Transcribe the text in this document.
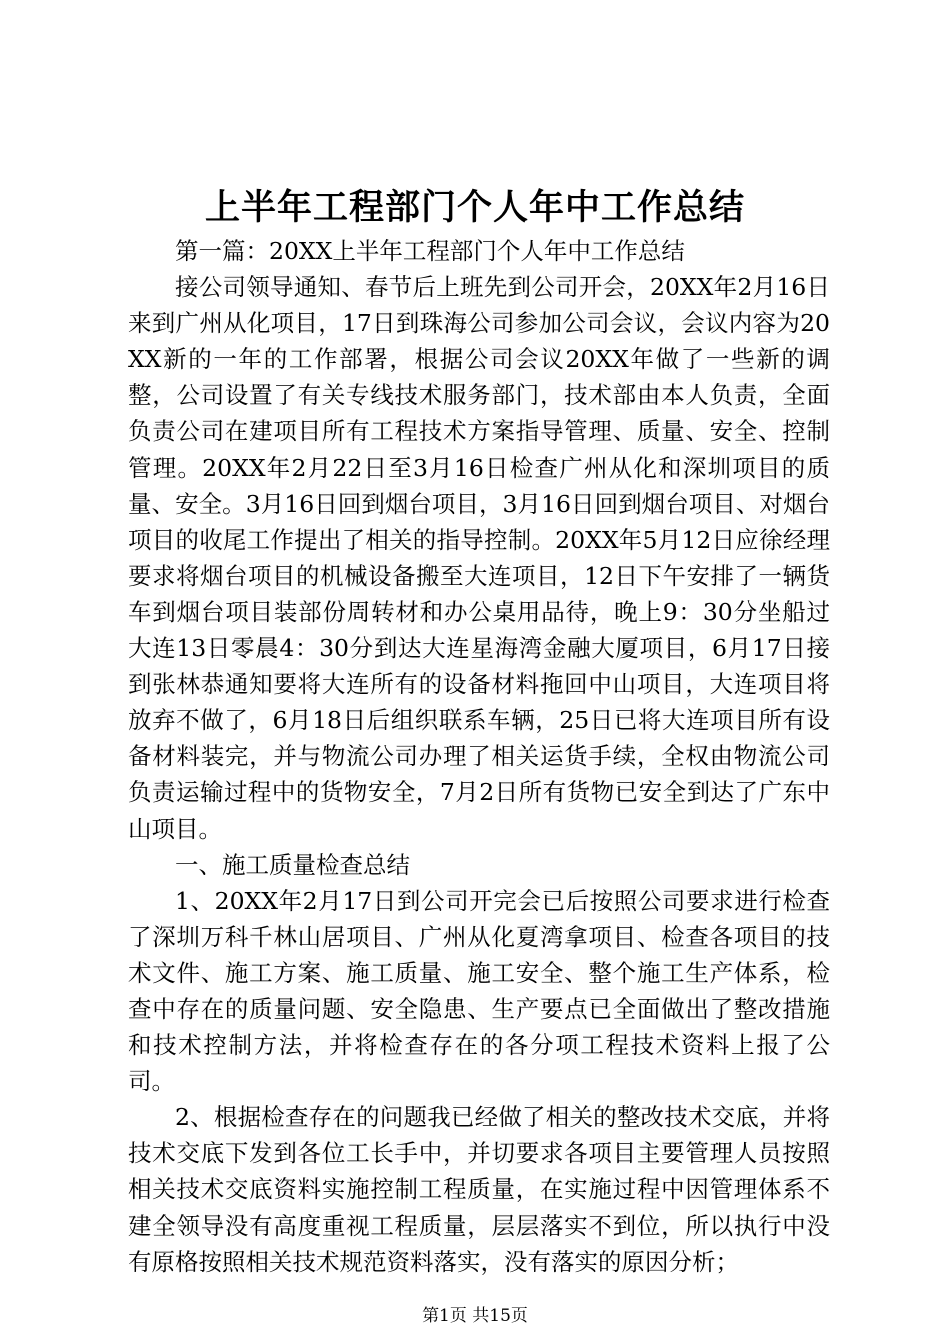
上半年工程部门个人年中工作总结

第一篇：20XX上半年工程部门个人年中工作总结

接公司领导通知、春节后上班先到公司开会，20XX年2月16日来到广州从化项目，17日到珠海公司参加公司会议，会议内容为20XX新的一年的工作部署，根据公司会议20XX年做了一些新的调整，公司设置了有关专线技术服务部门，技术部由本人负责，全面负责公司在建项目所有工程技术方案指导管理、质量、安全、控制管理。20XX年2月22日至3月16日检查广州从化和深圳项目的质量、安全。3月16日回到烟台项目，3月16日回到烟台项目、对烟台项目的收尾工作提出了相关的指导控制。20XX年5月12日应徐经理要求将烟台项目的机械设备搬至大连项目，12日下午安排了一辆货车到烟台项目装部份周转材和办公桌用品待，晚上9：30分坐船过大连13日零晨4：30分到达大连星海湾金融大厦项目，6月17日接到张林恭通知要将大连所有的设备材料拖回中山项目，大连项目将放弃不做了，6月18日后组织联系车辆，25日已将大连项目所有设备材料装完，并与物流公司办理了相关运货手续，全权由物流公司负责运输过程中的货物安全，7月2日所有货物已安全到达了广东中山项目。

一、施工质量检查总结

1、20XX年2月17日到公司开完会已后按照公司要求进行检查了深圳万科千林山居项目、广州从化夏湾拿项目、检查各项目的技术文件、施工方案、施工质量、施工安全、整个施工生产体系，检查中存在的质量问题、安全隐患、生产要点已全面做出了整改措施和技术控制方法，并将检查存在的各分项工程技术资料上报了公司。

2、根据检查存在的问题我已经做了相关的整改技术交底，并将技术交底下发到各位工长手中，并切要求各项目主要管理人员按照相关技术交底资料实施控制工程质量，在实施过程中因管理体系不建全领导没有高度重视工程质量，层层落实不到位，所以执行中没有原格按照相关技术规范资料落实，没有落实的原因分析；

第1页 共15页
